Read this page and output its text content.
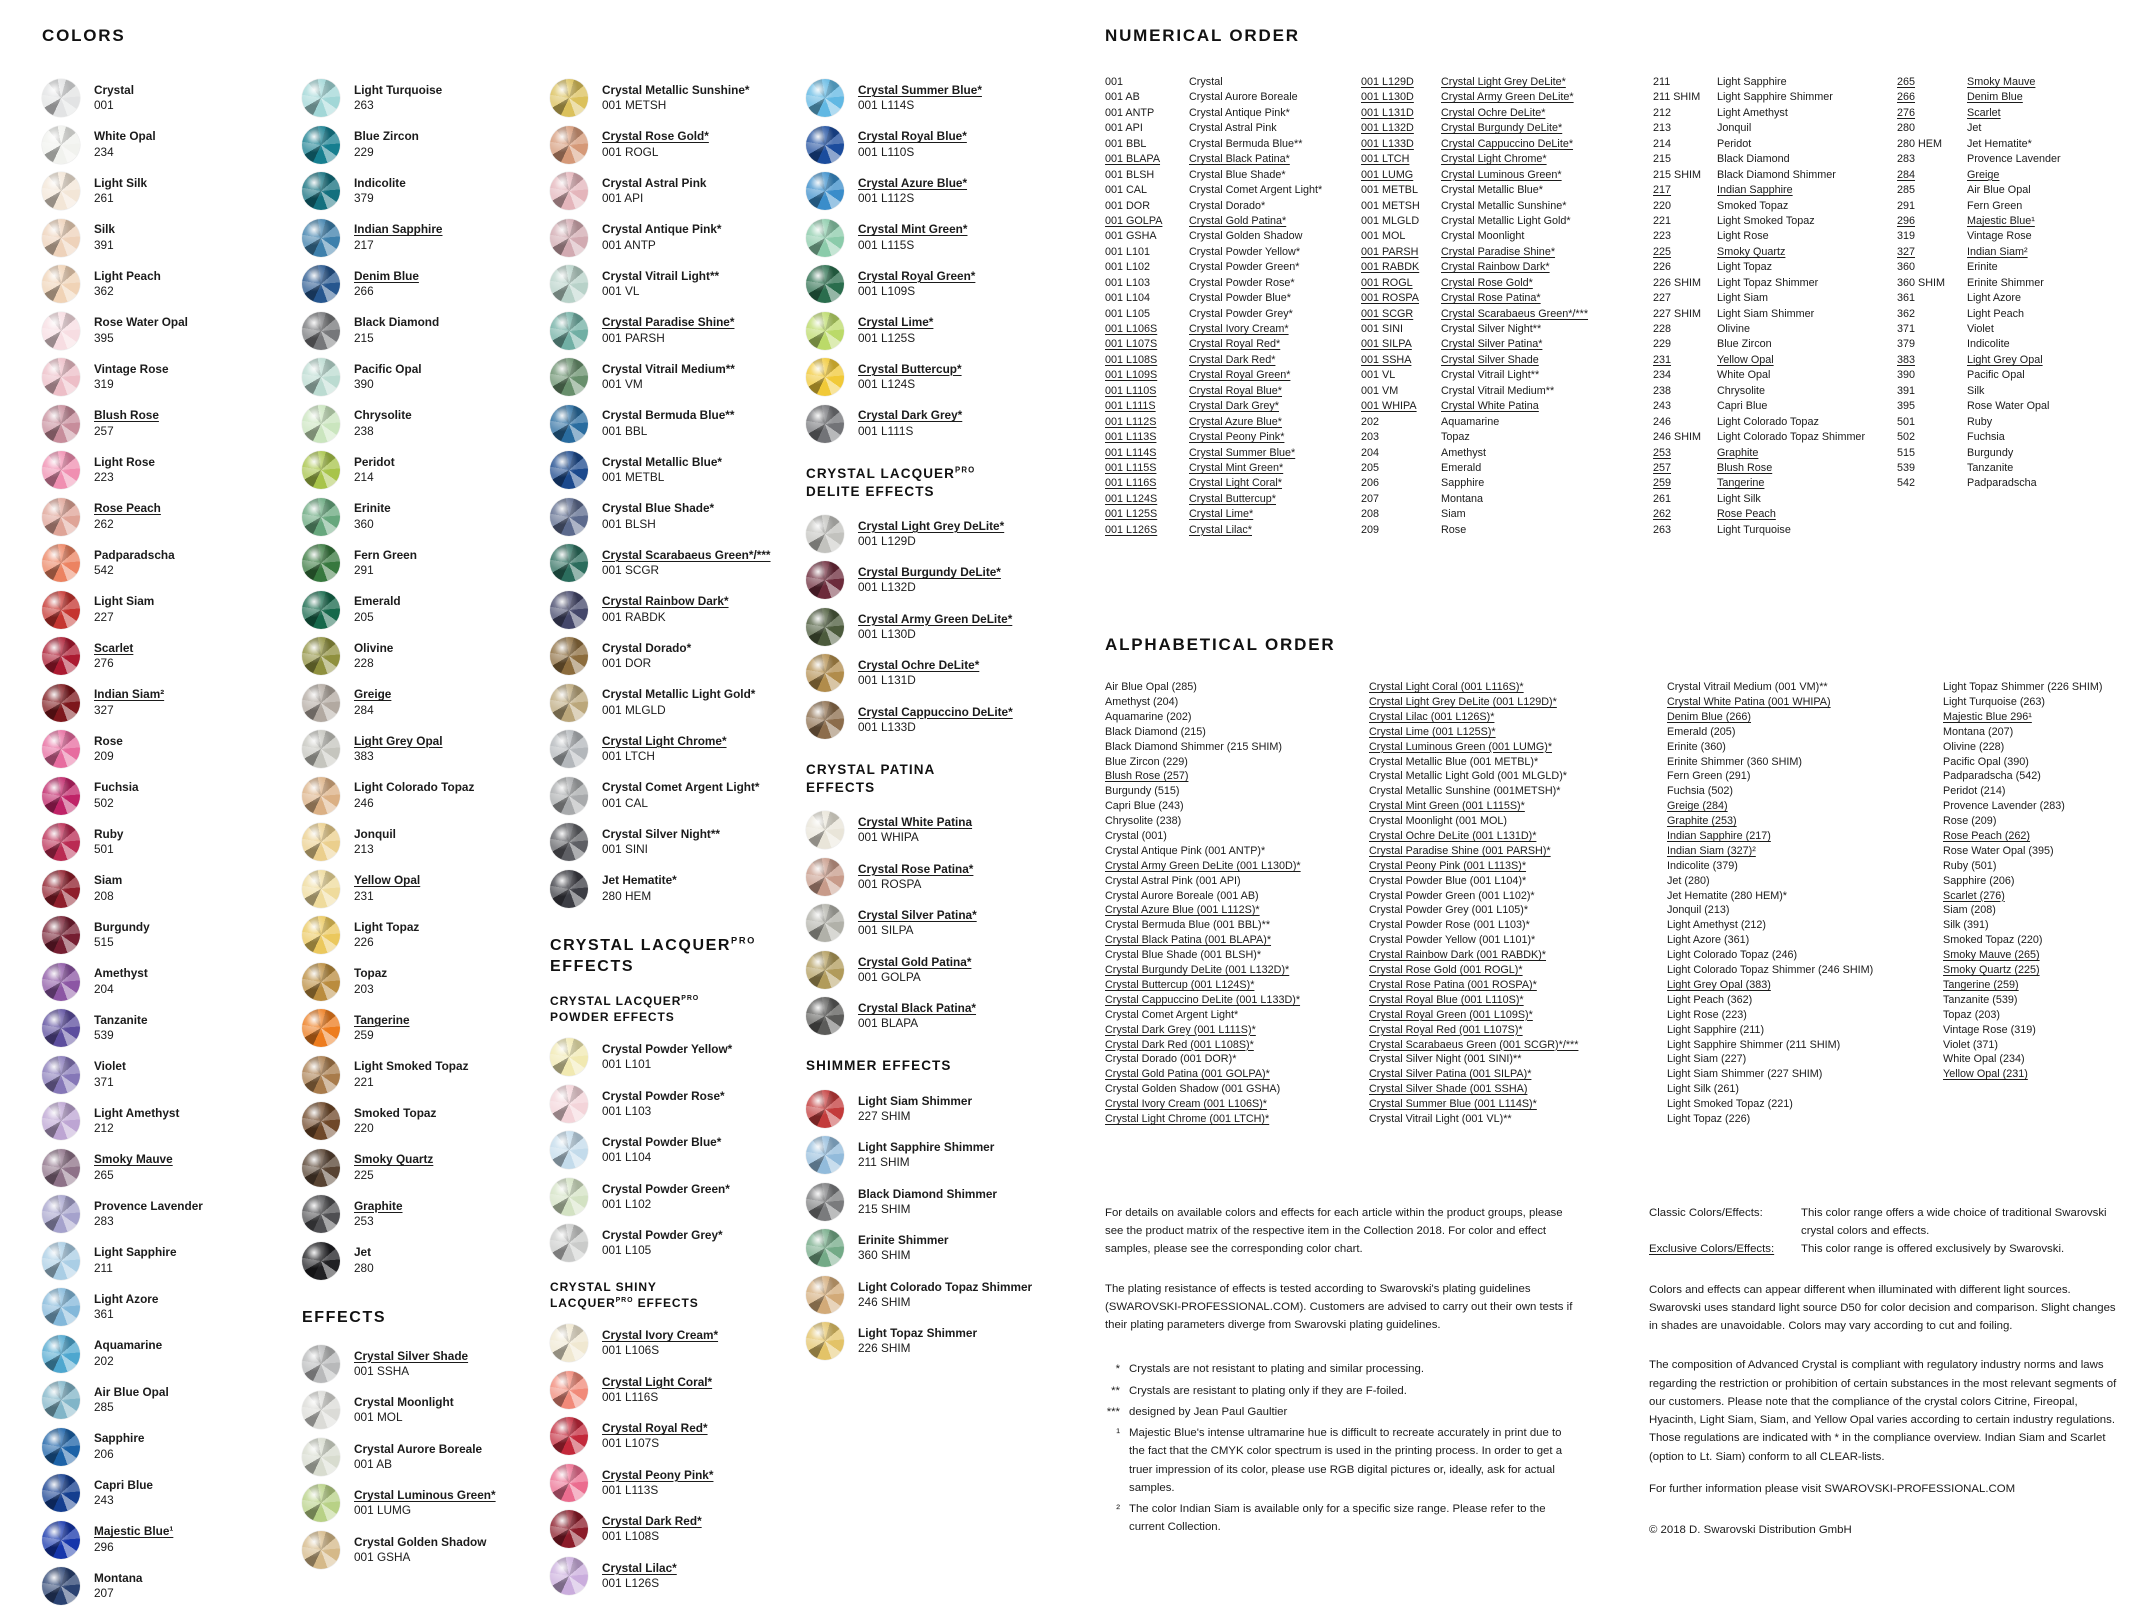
COLORS
Crystal
001
White Opal
234
Light Silk
261
Silk
391
Light Peach
362
Rose Water Opal
395
Vintage Rose
319
Blush Rose
257
Light Rose
223
Rose Peach
262
Padparadscha
542
Light Siam
227
Scarlet
276
Indian Siam²
327
Rose
209
Fuchsia
502
Ruby
501
Siam
208
Burgundy
515
Amethyst
204
Tanzanite
539
Violet
371
Light Amethyst
212
Smoky Mauve
265
Provence Lavender
283
Light Sapphire
211
Light Azore
361
Aquamarine
202
Air Blue Opal
285
Sapphire
206
Capri Blue
243
Majestic Blue¹
296
Montana
207
Light Turquoise
263
Blue Zircon
229
Indicolite
379
Indian Sapphire
217
Denim Blue
266
Black Diamond
215
Pacific Opal
390
Chrysolite
238
Peridot
214
Erinite
360
Fern Green
291
Emerald
205
Olivine
228
Greige
284
Light Grey Opal
383
Light Colorado Topaz
246
Jonquil
213
Yellow Opal
231
Light Topaz
226
Topaz
203
Tangerine
259
Light Smoked Topaz
221
Smoked Topaz
220
Smoky Quartz
225
Graphite
253
Jet
280
EFFECTS
Crystal Silver Shade
001 SSHA
Crystal Moonlight
001 MOL
Crystal Aurore Boreale
001 AB
Crystal Luminous Green*
001 LUMG
Crystal Golden Shadow
001 GSHA
Crystal Metallic Sunshine*
001 METSH
Crystal Rose Gold*
001 ROGL
Crystal Astral Pink
001 API
Crystal Antique Pink*
001 ANTP
Crystal Vitrail Light**
001 VL
Crystal Paradise Shine*
001 PARSH
Crystal Vitrail Medium**
001 VM
Crystal Bermuda Blue**
001 BBL
Crystal Metallic Blue*
001 METBL
Crystal Blue Shade*
001 BLSH
Crystal Scarabaeus Green*/***
001 SCGR
Crystal Rainbow Dark*
001 RABDK
Crystal Dorado*
001 DOR
Crystal Metallic Light Gold*
001 MLGLD
Crystal Light Chrome*
001 LTCH
Crystal Comet Argent Light*
001 CAL
Crystal Silver Night**
001 SINI
Jet Hematite*
280 HEM
CRYSTAL $LACQUER^{PRO}$
EFFECTS
CRYSTAL $LACQUER^{PRO}$
POWDER EFFECTS
Crystal Powder Yellow*
001 L101
Crystal Powder Rose*
001 L103
Crystal Powder Blue*
001 L104
Crystal Powder Green*
001 L102
Crystal Powder Grey*
001 L105
CRYSTAL SHINY
$LACQUER^{PRO}$ EFFECTS
Crystal Ivory Cream*
001 L106S
Crystal Light Coral*
001 L116S
Crystal Royal Red*
001 L107S
Crystal Peony Pink*
001 L113S
Crystal Dark Red*
001 L108S
Crystal Lilac*
001 L126S
Crystal Summer Blue*
001 L114S
Crystal Royal Blue*
001 L110S
Crystal Azure Blue*
001 L112S
Crystal Mint Green*
001 L115S
Crystal Royal Green*
001 L109S
Crystal Lime*
001 L125S
Crystal Buttercup*
001 L124S
Crystal Dark Grey*
001 L111S
CRYSTAL $LACQUER^{PRO}$
DELITE EFFECTS
Crystal Light Grey DeLite*
001 L129D
Crystal Burgundy DeLite*
001 L132D
Crystal Army Green DeLite*
001 L130D
Crystal Ochre DeLite*
001 L131D
Crystal Cappuccino DeLite*
001 L133D
CRYSTAL PATINA
EFFECTS
Crystal White Patina
001 WHIPA
Crystal Rose Patina*
001 ROSPA
Crystal Silver Patina*
001 SILPA
Crystal Gold Patina*
001 GOLPA
Crystal Black Patina*
001 BLAPA
SHIMMER EFFECTS
Light Siam Shimmer
227 SHIM
Light Sapphire Shimmer
211 SHIM
Black Diamond Shimmer
215 SHIM
Erinite Shimmer
360 SHIM
Light Colorado Topaz Shimmer
246 SHIM
Light Topaz Shimmer
226 SHIM
NUMERICAL ORDER
001	Crystal
001 AB	Crystal Aurore Boreale
001 ANTP	Crystal Antique Pink*
001 API	Crystal Astral Pink
001 BBL	Crystal Bermuda Blue**
001 BLAPA	Crystal Black Patina*
001 BLSH	Crystal Blue Shade*
001 CAL	Crystal Comet Argent Light*
001 DOR	Crystal Dorado*
001 GOLPA	Crystal Gold Patina*
001 GSHA	Crystal Golden Shadow
001 L101	Crystal Powder Yellow*
001 L102	Crystal Powder Green*
001 L103	Crystal Powder Rose*
001 L104	Crystal Powder Blue*
001 L105	Crystal Powder Grey*
001 L106S	Crystal Ivory Cream*
001 L107S	Crystal Royal Red*
001 L108S	Crystal Dark Red*
001 L109S	Crystal Royal Green*
001 L110S	Crystal Royal Blue*
001 L111S	Crystal Dark Grey*
001 L112S	Crystal Azure Blue*
001 L113S	Crystal Peony Pink*
001 L114S	Crystal Summer Blue*
001 L115S	Crystal Mint Green*
001 L116S	Crystal Light Coral*
001 L124S	Crystal Buttercup*
001 L125S	Crystal Lime*
001 L126S	Crystal Lilac*
001 L129D	Crystal Light Grey DeLite*
001 L130D	Crystal Army Green DeLite*
001 L131D	Crystal Ochre DeLite*
001 L132D	Crystal Burgundy DeLite*
001 L133D	Crystal Cappuccino DeLite*
001 LTCH	Crystal Light Chrome*
001 LUMG	Crystal Luminous Green*
001 METBL	Crystal Metallic Blue*
001 METSH	Crystal Metallic Sunshine*
001 MLGLD	Crystal Metallic Light Gold*
001 MOL	Crystal Moonlight
001 PARSH	Crystal Paradise Shine*
001 RABDK	Crystal Rainbow Dark*
001 ROGL	Crystal Rose Gold*
001 ROSPA	Crystal Rose Patina*
001 SCGR	Crystal Scarabaeus Green*/***
001 SINI	Crystal Silver Night**
001 SILPA	Crystal Silver Patina*
001 SSHA	Crystal Silver Shade
001 VL	Crystal Vitrail Light**
001 VM	Crystal Vitrail Medium**
001 WHIPA	Crystal White Patina
202	Aquamarine
203	Topaz
204	Amethyst
205	Emerald
206	Sapphire
207	Montana
208	Siam
209	Rose
211	Light Sapphire
211 SHIM	Light Sapphire Shimmer
212	Light Amethyst
213	Jonquil
214	Peridot
215	Black Diamond
215 SHIM	Black Diamond Shimmer
217	Indian Sapphire
220	Smoked Topaz
221	Light Smoked Topaz
223	Light Rose
225	Smoky Quartz
226	Light Topaz
226 SHIM	Light Topaz Shimmer
227	Light Siam
227 SHIM	Light Siam Shimmer
228	Olivine
229	Blue Zircon
231	Yellow Opal
234	White Opal
238	Chrysolite
243	Capri Blue
246	Light Colorado Topaz
246 SHIM	Light Colorado Topaz Shimmer
253	Graphite
257	Blush Rose
259	Tangerine
261	Light Silk
262	Rose Peach
263	Light Turquoise
265	Smoky Mauve
266	Denim Blue
276	Scarlet
280	Jet
280 HEM	Jet Hematite*
283	Provence Lavender
284	Greige
285	Air Blue Opal
291	Fern Green
296	Majestic Blue¹
319	Vintage Rose
327	Indian Siam²
360	Erinite
360 SHIM	Erinite Shimmer
361	Light Azore
362	Light Peach
371	Violet
379	Indicolite
383	Light Grey Opal
390	Pacific Opal
391	Silk
395	Rose Water Opal
501	Ruby
502	Fuchsia
515	Burgundy
539	Tanzanite
542	Padparadscha
ALPHABETICAL ORDER
Air Blue Opal (285)
Amethyst (204)
Aquamarine (202)
Black Diamond (215)
Black Diamond Shimmer (215 SHIM)
Blue Zircon (229)
Blush Rose (257)
Burgundy (515)
Capri Blue (243)
Chrysolite (238)
Crystal (001)
Crystal Antique Pink (001 ANTP)*
Crystal Army Green DeLite (001 L130D)*
Crystal Astral Pink (001 API)
Crystal Aurore Boreale (001 AB)
Crystal Azure Blue (001 L112S)*
Crystal Bermuda Blue (001 BBL)**
Crystal Black Patina (001 BLAPA)*
Crystal Blue Shade (001 BLSH)*
Crystal Burgundy DeLite (001 L132D)*
Crystal Buttercup (001 L124S)*
Crystal Cappuccino DeLite (001 L133D)*
Crystal Comet Argent Light*
Crystal Dark Grey (001 L111S)*
Crystal Dark Red (001 L108S)*
Crystal Dorado (001 DOR)*
Crystal Gold Patina (001 GOLPA)*
Crystal Golden Shadow (001 GSHA)
Crystal Ivory Cream (001 L106S)*
Crystal Light Chrome (001 LTCH)*
Crystal Light Coral (001 L116S)*
Crystal Light Grey DeLite (001 L129D)*
Crystal Lilac (001 L126S)*
Crystal Lime (001 L125S)*
Crystal Luminous Green (001 LUMG)*
Crystal Metallic Blue (001 METBL)*
Crystal Metallic Light Gold (001 MLGLD)*
Crystal Metallic Sunshine (001METSH)*
Crystal Mint Green (001 L115S)*
Crystal Moonlight (001 MOL)
Crystal Ochre DeLite (001 L131D)*
Crystal Paradise Shine (001 PARSH)*
Crystal Peony Pink (001 L113S)*
Crystal Powder Blue (001 L104)*
Crystal Powder Green (001 L102)*
Crystal Powder Grey (001 L105)*
Crystal Powder Rose (001 L103)*
Crystal Powder Yellow (001 L101)*
Crystal Rainbow Dark (001 RABDK)*
Crystal Rose Gold (001 ROGL)*
Crystal Rose Patina (001 ROSPA)*
Crystal Royal Blue (001 L110S)*
Crystal Royal Green (001 L109S)*
Crystal Royal Red (001 L107S)*
Crystal Scarabaeus Green (001 SCGR)*/***
Crystal Silver Night (001 SINI)**
Crystal Silver Patina (001 SILPA)*
Crystal Silver Shade (001 SSHA)
Crystal Summer Blue (001 L114S)*
Crystal Vitrail Light (001 VL)**
Crystal Vitrail Medium (001 VM)**
Crystal White Patina (001 WHIPA)
Denim Blue (266)
Emerald (205)
Erinite (360)
Erinite Shimmer (360 SHIM)
Fern Green (291)
Fuchsia (502)
Greige (284)
Graphite (253)
Indian Sapphire (217)
Indian Siam (327)²
Indicolite (379)
Jet (280)
Jet Hematite (280 HEM)*
Jonquil (213)
Light Amethyst (212)
Light Azore (361)
Light Colorado Topaz (246)
Light Colorado Topaz Shimmer (246 SHIM)
Light Grey Opal (383)
Light Peach (362)
Light Rose (223)
Light Sapphire (211)
Light Sapphire Shimmer (211 SHIM)
Light Siam (227)
Light Siam Shimmer (227 SHIM)
Light Silk (261)
Light Smoked Topaz (221)
Light Topaz (226)
Light Topaz Shimmer (226 SHIM)
Light Turquoise (263)
Majestic Blue 296¹
Montana (207)
Olivine (228)
Pacific Opal (390)
Padparadscha (542)
Peridot (214)
Provence Lavender (283)
Rose (209)
Rose Peach (262)
Rose Water Opal (395)
Ruby (501)
Sapphire (206)
Scarlet (276)
Siam (208)
Silk (391)
Smoked Topaz (220)
Smoky Mauve (265)
Smoky Quartz (225)
Tangerine (259)
Tanzanite (539)
Topaz (203)
Vintage Rose (319)
Violet (371)
White Opal (234)
Yellow Opal (231)

For details on available colors and effects for each article within the product groups, please see the product matrix of the respective item in the Collection 2018. For color and effect samples, please see the corresponding color chart.

The plating resistance of effects is tested according to Swarovski's plating guidelines (SWAROVSKI-PROFESSIONAL.COM). Customers are advised to carry out their own tests if their plating parameters diverge from Swarovski plating guidelines.

* Crystals are not resistant to plating and similar processing.
** Crystals are resistant to plating only if they are F-foiled.
*** designed by Jean Paul Gaultier
¹ Majestic Blue's intense ultramarine hue is difficult to recreate accurately in print due to the fact that the CMYK color spectrum is used in the printing process. In order to get a truer impression of its color, please use RGB digital pictures or, ideally, ask for actual samples.
² The color Indian Siam is available only for a specific size range. Please refer to the current Collection.
Classic Colors/Effects:	This color range offers a wide choice of traditional Swarovski crystal colors and effects.
Exclusive Colors/Effects:	This color range is offered exclusively by Swarovski.

Colors and effects can appear different when illuminated with different light sources. Swarovski uses standard light source D50 for color decision and comparison. Slight changes in shades are unavoidable. Colors may vary according to cut and foiling.

The composition of Advanced Crystal is compliant with regulatory industry norms and laws regarding the restriction or prohibition of certain substances in the most relevant segments of our customers. Please note that the compliance of the crystal colors Citrine, Fireopal, Hyacinth, Light Siam, Siam, and Yellow Opal varies according to certain industry regulations. Those regulations are indicated with * in the compliance overview. Indian Siam and Scarlet (option to Lt. Siam) conform to all CLEAR-lists.

For further information please visit SWAROVSKI-PROFESSIONAL.COM

© 2018 D. Swarovski Distribution GmbH
